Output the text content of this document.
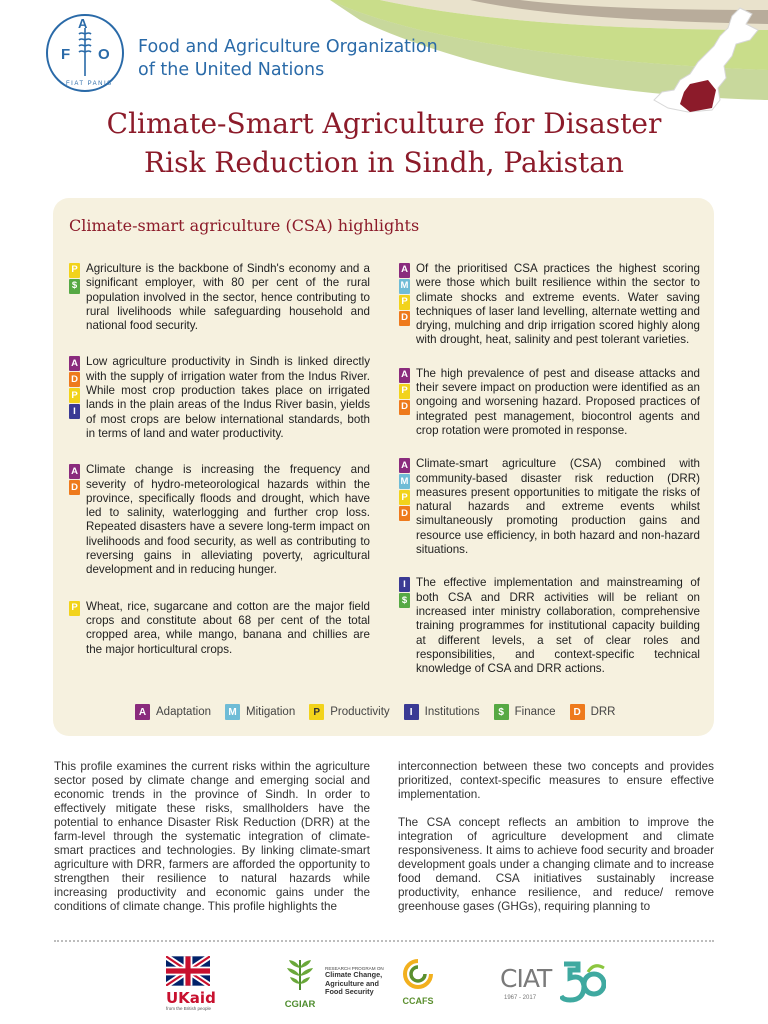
F
A
O
FIAT PANIS
Food and Agriculture Organization
of the United Nations
Climate-Smart Agriculture for Disaster
Risk Reduction in Sindh, Pakistan
Climate-smart agriculture (CSA) highlights
P
$
Agriculture is the backbone of Sindh's economy and a significant employer, with 80 per cent of the rural population involved in the sector, hence contributing to rural livelihoods while safeguarding household and national food security.
A
D
P
I
Low agriculture productivity in Sindh is linked directly with the supply of irrigation water from the Indus River. While most crop production takes place on irrigated lands in the plain areas of the Indus River basin, yields of most crops are below international standards, both in terms of land and water productivity.
A
D
Climate change is increasing the frequency and severity of hydro-meteorological hazards within the province, specifically floods and drought, which have led to salinity, waterlogging and further crop loss. Repeated disasters have a severe long-term impact on livelihoods and food security, as well as contributing to reversing gains in alleviating poverty, agricultural development and in reducing hunger.
P Wheat, rice, sugarcane and cotton are the major field crops and constitute about 68 per cent of the total cropped area, while mango, banana and chillies are the major horticultural crops.
A
M
P
D
Of the prioritised CSA practices the highest scoring were those which built resilience within the sector to climate shocks and extreme events. Water saving techniques of laser land levelling, alternate wetting and drying, mulching and drip irrigation scored highly along with drought, heat, salinity and pest tolerant varieties.
A
P
D
The high prevalence of pest and disease attacks and their severe impact on production were identified as an ongoing and worsening hazard. Proposed practices of integrated pest management, biocontrol agents and crop rotation were promoted in response.
A
M
P
D
Climate-smart agriculture (CSA) combined with community-based disaster risk reduction (DRR) measures present opportunities to mitigate the risks of natural hazards and extreme events whilst simultaneously promoting production gains and resource use efficiency, in both hazard and non-hazard situations.
I
$
The effective implementation and mainstreaming of both CSA and DRR activities will be reliant on increased inter ministry collaboration, comprehensive training programmes for institutional capacity building at different levels, a set of clear roles and responsibilities, and context-specific technical knowledge of CSA and DRR actions.
A Adaptation	M Mitigation	P Productivity	I	Institutions	$ Finance	D DRR

This profile examines the current risks within the agriculture sector posed by climate change and emerging social and economic trends in the province of Sindh. In order to effectively mitigate these risks, smallholders have the potential to enhance Disaster Risk Reduction (DRR) at the farm-level through the systematic integration of climate-smart practices and technologies. By linking climate-smart agriculture with DRR, farmers are afforded the opportunity to strengthen their resilience to natural hazards while increasing productivity and economic gains under the conditions of climate change. This profile highlights the

interconnection between these two concepts and provides prioritized, context-specific measures to ensure effective implementation.

The CSA concept reflects an ambition to improve the integration of agriculture development and climate responsiveness. It aims to achieve food security and broader development goals under a changing climate and to increase food demand. CSA initiatives sustainably increase productivity, enhance resilience, and reduce/ remove greenhouse gases (GHGs), requiring planning to

UKaid
from the British people	CGIAR
RESEARCH PROGRAM ON
Climate Change,
Agriculture and
Food Security
CCAFS
CIAT
1967 - 2017
